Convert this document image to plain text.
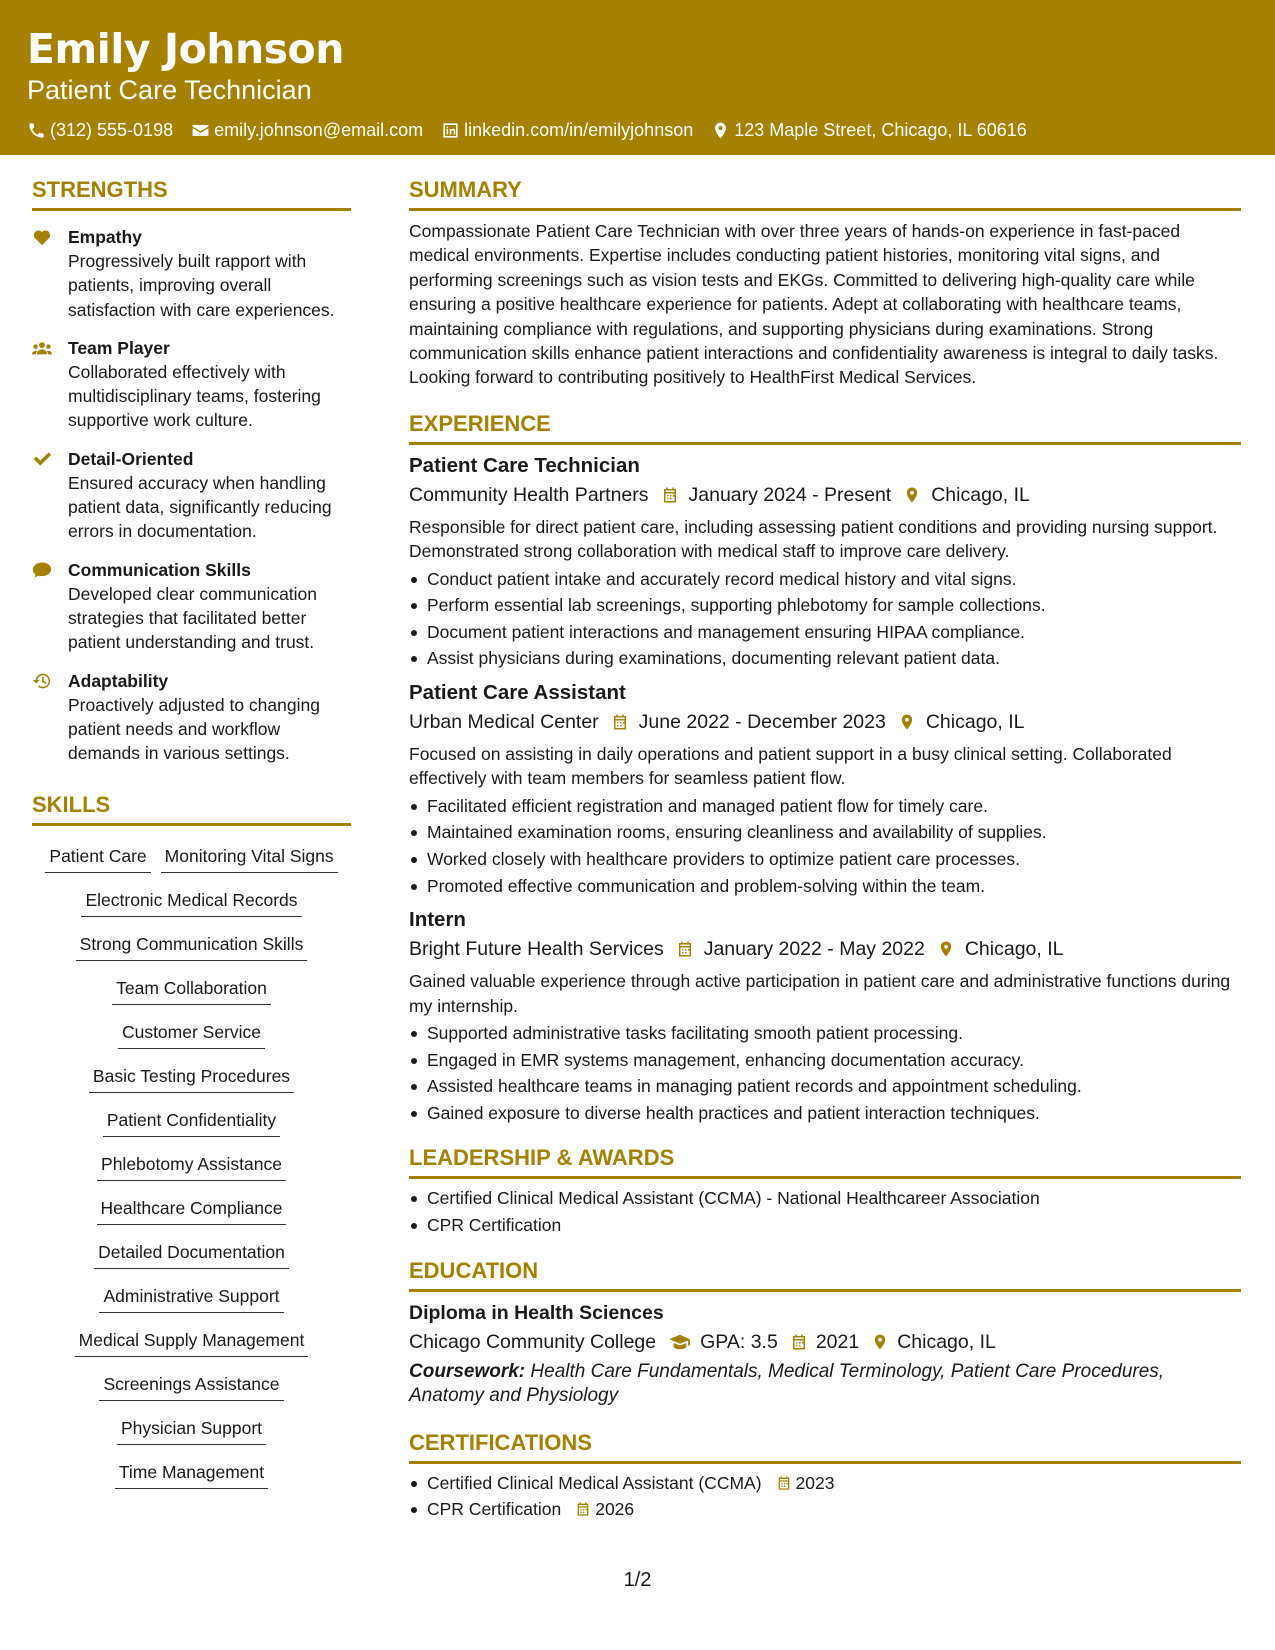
Emily Johnson
Patient Care Technician
(312) 555-0198 emily.johnson@email.com linkedin.com/in/emilyjohnson 123 Maple Street, Chicago, IL 60616
STRENGTHS
Empathy
Progressively built rapport with patients, improving overall satisfaction with care experiences.
Team Player
Collaborated effectively with multidisciplinary teams, fostering supportive work culture.
Detail-Oriented
Ensured accuracy when handling patient data, significantly reducing errors in documentation.
Communication Skills
Developed clear communication strategies that facilitated better patient understanding and trust.
Adaptability
Proactively adjusted to changing patient needs and workflow demands in various settings.
SKILLS
Patient Care Monitoring Vital Signs
Electronic Medical Records
Strong Communication Skills
Team Collaboration
Customer Service
Basic Testing Procedures
Patient Confidentiality
Phlebotomy Assistance
Healthcare Compliance
Detailed Documentation
Administrative Support
Medical Supply Management
Screenings Assistance
Physician Support
Time Management
SUMMARY
Compassionate Patient Care Technician with over three years of hands-on experience in fast-paced medical environments. Expertise includes conducting patient histories, monitoring vital signs, and performing screenings such as vision tests and EKGs. Committed to delivering high-quality care while ensuring a positive healthcare experience for patients. Adept at collaborating with healthcare teams, maintaining compliance with regulations, and supporting physicians during examinations. Strong communication skills enhance patient interactions and confidentiality awareness is integral to daily tasks. Looking forward to contributing positively to HealthFirst Medical Services.
EXPERIENCE
Patient Care Technician
Community Health Partners January 2024 - Present Chicago, IL
Responsible for direct patient care, including assessing patient conditions and providing nursing support. Demonstrated strong collaboration with medical staff to improve care delivery.
Conduct patient intake and accurately record medical history and vital signs.
Perform essential lab screenings, supporting phlebotomy for sample collections.
Document patient interactions and management ensuring HIPAA compliance.
Assist physicians during examinations, documenting relevant patient data.
Patient Care Assistant
Urban Medical Center June 2022 - December 2023 Chicago, IL
Focused on assisting in daily operations and patient support in a busy clinical setting. Collaborated effectively with team members for seamless patient flow.
Facilitated efficient registration and managed patient flow for timely care.
Maintained examination rooms, ensuring cleanliness and availability of supplies.
Worked closely with healthcare providers to optimize patient care processes.
Promoted effective communication and problem-solving within the team.
Intern
Bright Future Health Services January 2022 - May 2022 Chicago, IL
Gained valuable experience through active participation in patient care and administrative functions during my internship.
Supported administrative tasks facilitating smooth patient processing.
Engaged in EMR systems management, enhancing documentation accuracy.
Assisted healthcare teams in managing patient records and appointment scheduling.
Gained exposure to diverse health practices and patient interaction techniques.
LEADERSHIP & AWARDS
Certified Clinical Medical Assistant (CCMA) - National Healthcareer Association
CPR Certification
EDUCATION
Diploma in Health Sciences
Chicago Community College GPA: 3.5 2021 Chicago, IL
Coursework: Health Care Fundamentals, Medical Terminology, Patient Care Procedures, Anatomy and Physiology
CERTIFICATIONS
Certified Clinical Medical Assistant (CCMA) 2023
CPR Certification 2026
1/2
